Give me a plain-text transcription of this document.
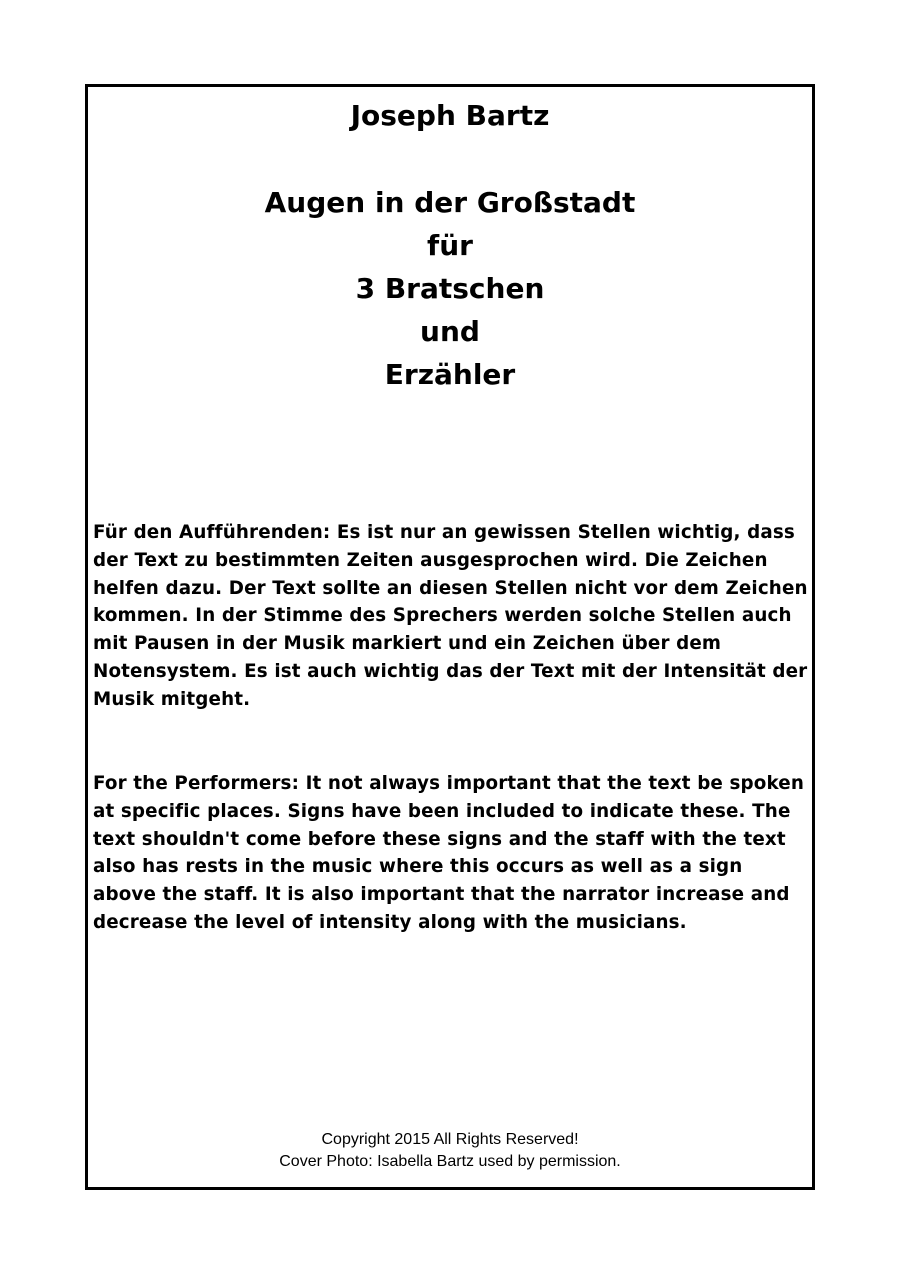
Joseph Bartz
Augen in der Großstadt
für
3 Bratschen
und
Erzähler

Für den Aufführenden: Es ist nur an gewissen Stellen wichtig, dass der Text zu bestimmten Zeiten ausgesprochen wird. Die Zeichen helfen dazu. Der Text sollte an diesen Stellen nicht vor dem Zeichen kommen. In der Stimme des Sprechers werden solche Stellen auch mit Pausen in der Musik markiert und ein Zeichen über dem Notensystem. Es ist auch wichtig das der Text mit der Intensität der Musik mitgeht.

For the Performers: It not always important that the text be spoken at specific places. Signs have been included to indicate these. The text shouldn't come before these signs and the staff with the text also has rests in the music where this occurs as well as a sign above the staff. It is also important that the narrator increase and decrease the level of intensity along with the musicians.

Copyright 2015 All Rights Reserved!
Cover Photo: Isabella Bartz used by permission.
